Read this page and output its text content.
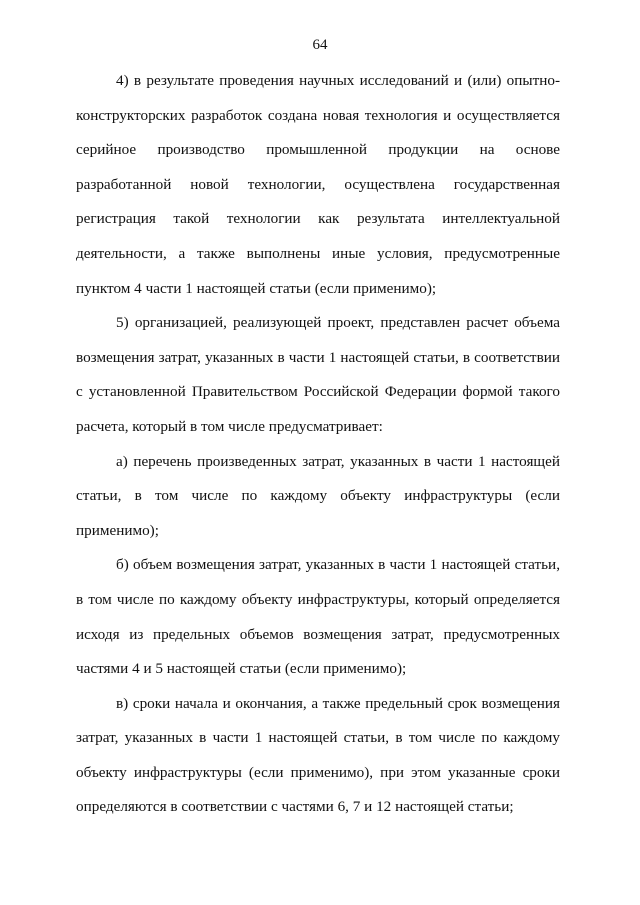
64

4) в результате проведения научных исследований и (или) опытно-конструкторских разработок создана новая технология и осуществляется серийное производство промышленной продукции на основе разработанной новой технологии, осуществлена государственная регистрация такой технологии как результата интеллектуальной деятельности, а также выполнены иные условия, предусмотренные пунктом 4 части 1 настоящей статьи (если применимо);

5) организацией, реализующей проект, представлен расчет объема возмещения затрат, указанных в части 1 настоящей статьи, в соответствии с установленной Правительством Российской Федерации формой такого расчета, который в том числе предусматривает:

а) перечень произведенных затрат, указанных в части 1 настоящей статьи, в том числе по каждому объекту инфраструктуры (если применимо);

б) объем возмещения затрат, указанных в части 1 настоящей статьи, в том числе по каждому объекту инфраструктуры, который определяется исходя из предельных объемов возмещения затрат, предусмотренных частями 4 и 5 настоящей статьи (если применимо);

в) сроки начала и окончания, а также предельный срок возмещения затрат, указанных в части 1 настоящей статьи, в том числе по каждому объекту инфраструктуры (если применимо), при этом указанные сроки определяются в соответствии с частями 6, 7 и 12 настоящей статьи;
